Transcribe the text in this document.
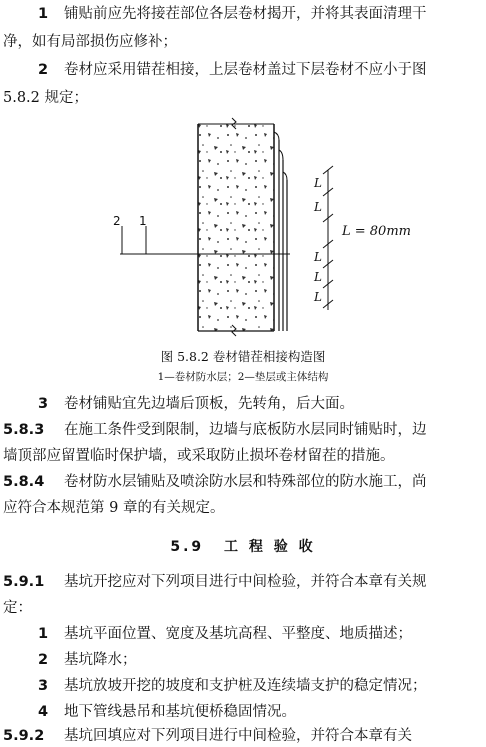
1 铺贴前应先将接茬部位各层卷材揭开，并将其表面清理干
净，如有局部损伤应修补；
2 卷材应采用错茬相接，上层卷材盖过下层卷材不应小于图
5.8.2 规定；
2 1
L
L
L
L
L
L = 80mm
图 5.8.2 卷材错茬相接构造图
1—卷材防水层；2—垫层或主体结构
3 卷材铺贴宜先边墙后顶板，先转角，后大面。
5.8.3 在施工条件受到限制，边墙与底板防水层同时铺贴时，边
墙顶部应留置临时保护墙，或采取防止损坏卷材留茬的措施。
5.8.4 卷材防水层铺贴及喷涂防水层和特殊部位的防水施工，尚
应符合本规范第 9 章的有关规定。
5.9 工 程 验 收
5.9.1 基坑开挖应对下列项目进行中间检验，并符合本章有关规
定：
1 基坑平面位置、宽度及基坑高程、平整度、地质描述；
2 基坑降水；
3 基坑放坡开挖的坡度和支护桩及连续墙支护的稳定情况；
4 地下管线悬吊和基坑便桥稳固情况。
5.9.2 基坑回填应对下列项目进行中间检验，并符合本章有关
